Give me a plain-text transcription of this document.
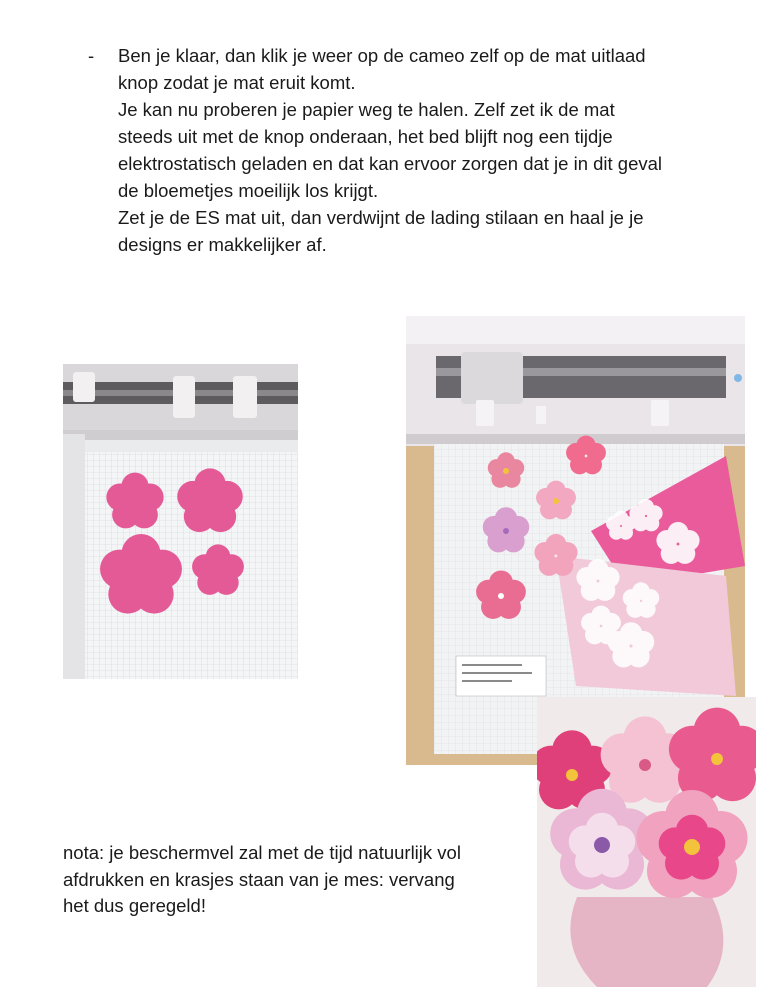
- Ben je klaar, dan klik je weer op de cameo zelf op de mat uitlaad

knop zodat je mat eruit komt.

Je kan nu proberen je papier weg te halen. Zelf zet ik de mat

steeds uit met de knop onderaan, het bed blijft nog een tijdje

elektrostatisch geladen en dat kan ervoor zorgen dat je in dit geval

de bloemetjes moeilijk los krijgt.

Zet je de ES mat uit, dan verdwijnt de lading stilaan en haal je je

designs er makkelijker af.

nota: je beschermvel zal met de tijd natuurlijk vol

afdrukken en krasjes staan van je mes: vervang

het dus geregeld!
